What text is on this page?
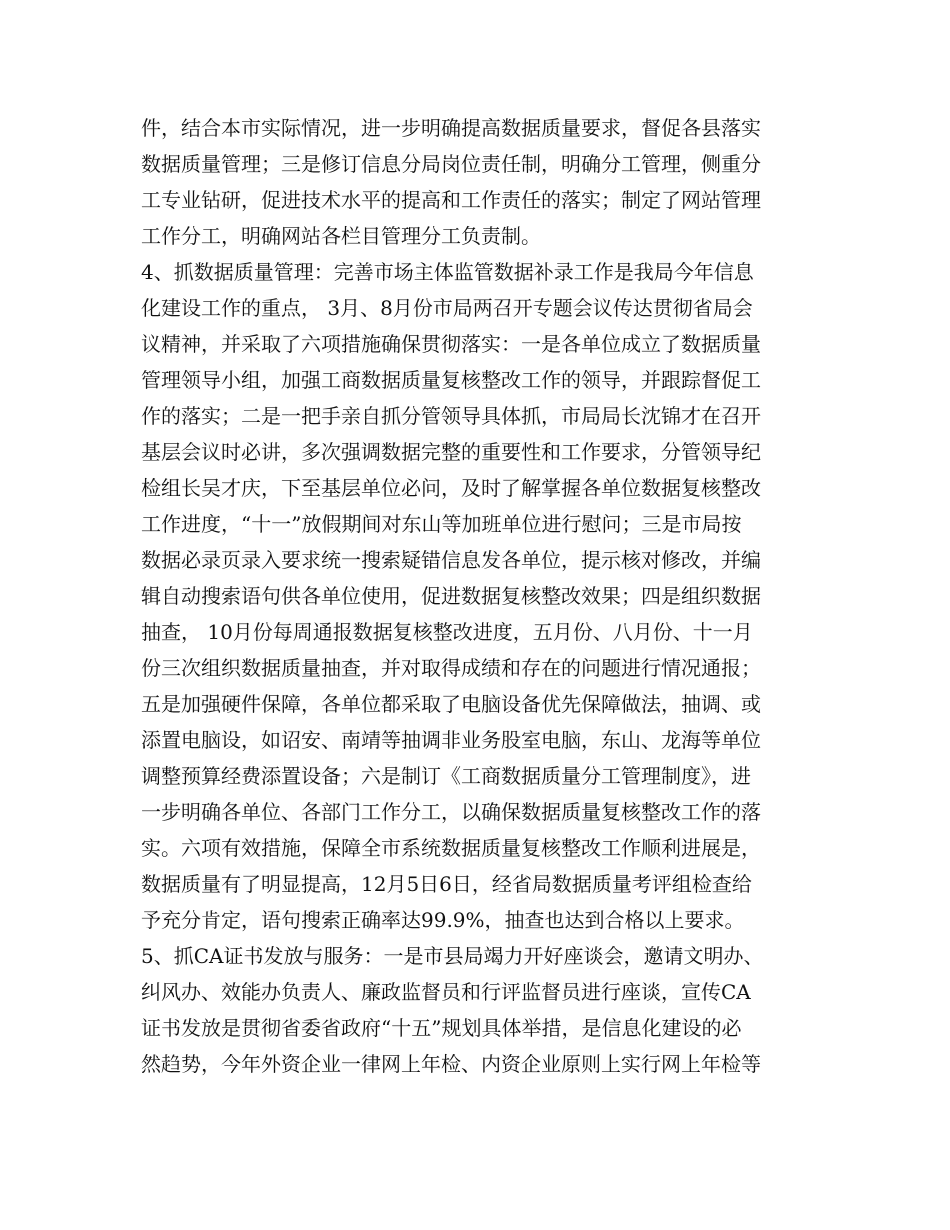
件，结合本市实际情况，进一步明确提高数据质量要求，督促各县落实
数据质量管理；三是修订信息分局岗位责任制，明确分工管理，侧重分
工专业钻研，促进技术水平的提高和工作责任的落实；制定了网站管理
工作分工，明确网站各栏目管理分工负责制。
4、抓数据质量管理：完善市场主体监管数据补录工作是我局今年信息
化建设工作的重点， 3月、8月份市局两召开专题会议传达贯彻省局会
议精神，并采取了六项措施确保贯彻落实：一是各单位成立了数据质量
管理领导小组，加强工商数据质量复核整改工作的领导，并跟踪督促工
作的落实；二是一把手亲自抓分管领导具体抓，市局局长沈锦才在召开
基层会议时必讲，多次强调数据完整的重要性和工作要求，分管领导纪
检组长吴才庆，下至基层单位必问，及时了解掌握各单位数据复核整改
工作进度，“十一”放假期间对东山等加班单位进行慰问；三是市局按
数据必录页录入要求统一搜索疑错信息发各单位，提示核对修改，并编
辑自动搜索语句供各单位使用，促进数据复核整改效果；四是组织数据
抽查， 10月份每周通报数据复核整改进度，五月份、八月份、十一月
份三次组织数据质量抽查，并对取得成绩和存在的问题进行情况通报；
五是加强硬件保障，各单位都采取了电脑设备优先保障做法，抽调、或
添置电脑设，如诏安、南靖等抽调非业务股室电脑，东山、龙海等单位
调整预算经费添置设备；六是制订《工商数据质量分工管理制度》，进
一步明确各单位、各部门工作分工，以确保数据质量复核整改工作的落
实。六项有效措施，保障全市系统数据质量复核整改工作顺利进展是，
数据质量有了明显提高，12月5日6日，经省局数据质量考评组检查给
予充分肯定，语句搜索正确率达99.9%，抽查也达到合格以上要求。
5、抓CA证书发放与服务：一是市县局竭力开好座谈会，邀请文明办、
纠风办、效能办负责人、廉政监督员和行评监督员进行座谈，宣传CA
证书发放是贯彻省委省政府“十五”规划具体举措，是信息化建设的必
然趋势，今年外资企业一律网上年检、内资企业原则上实行网上年检等
